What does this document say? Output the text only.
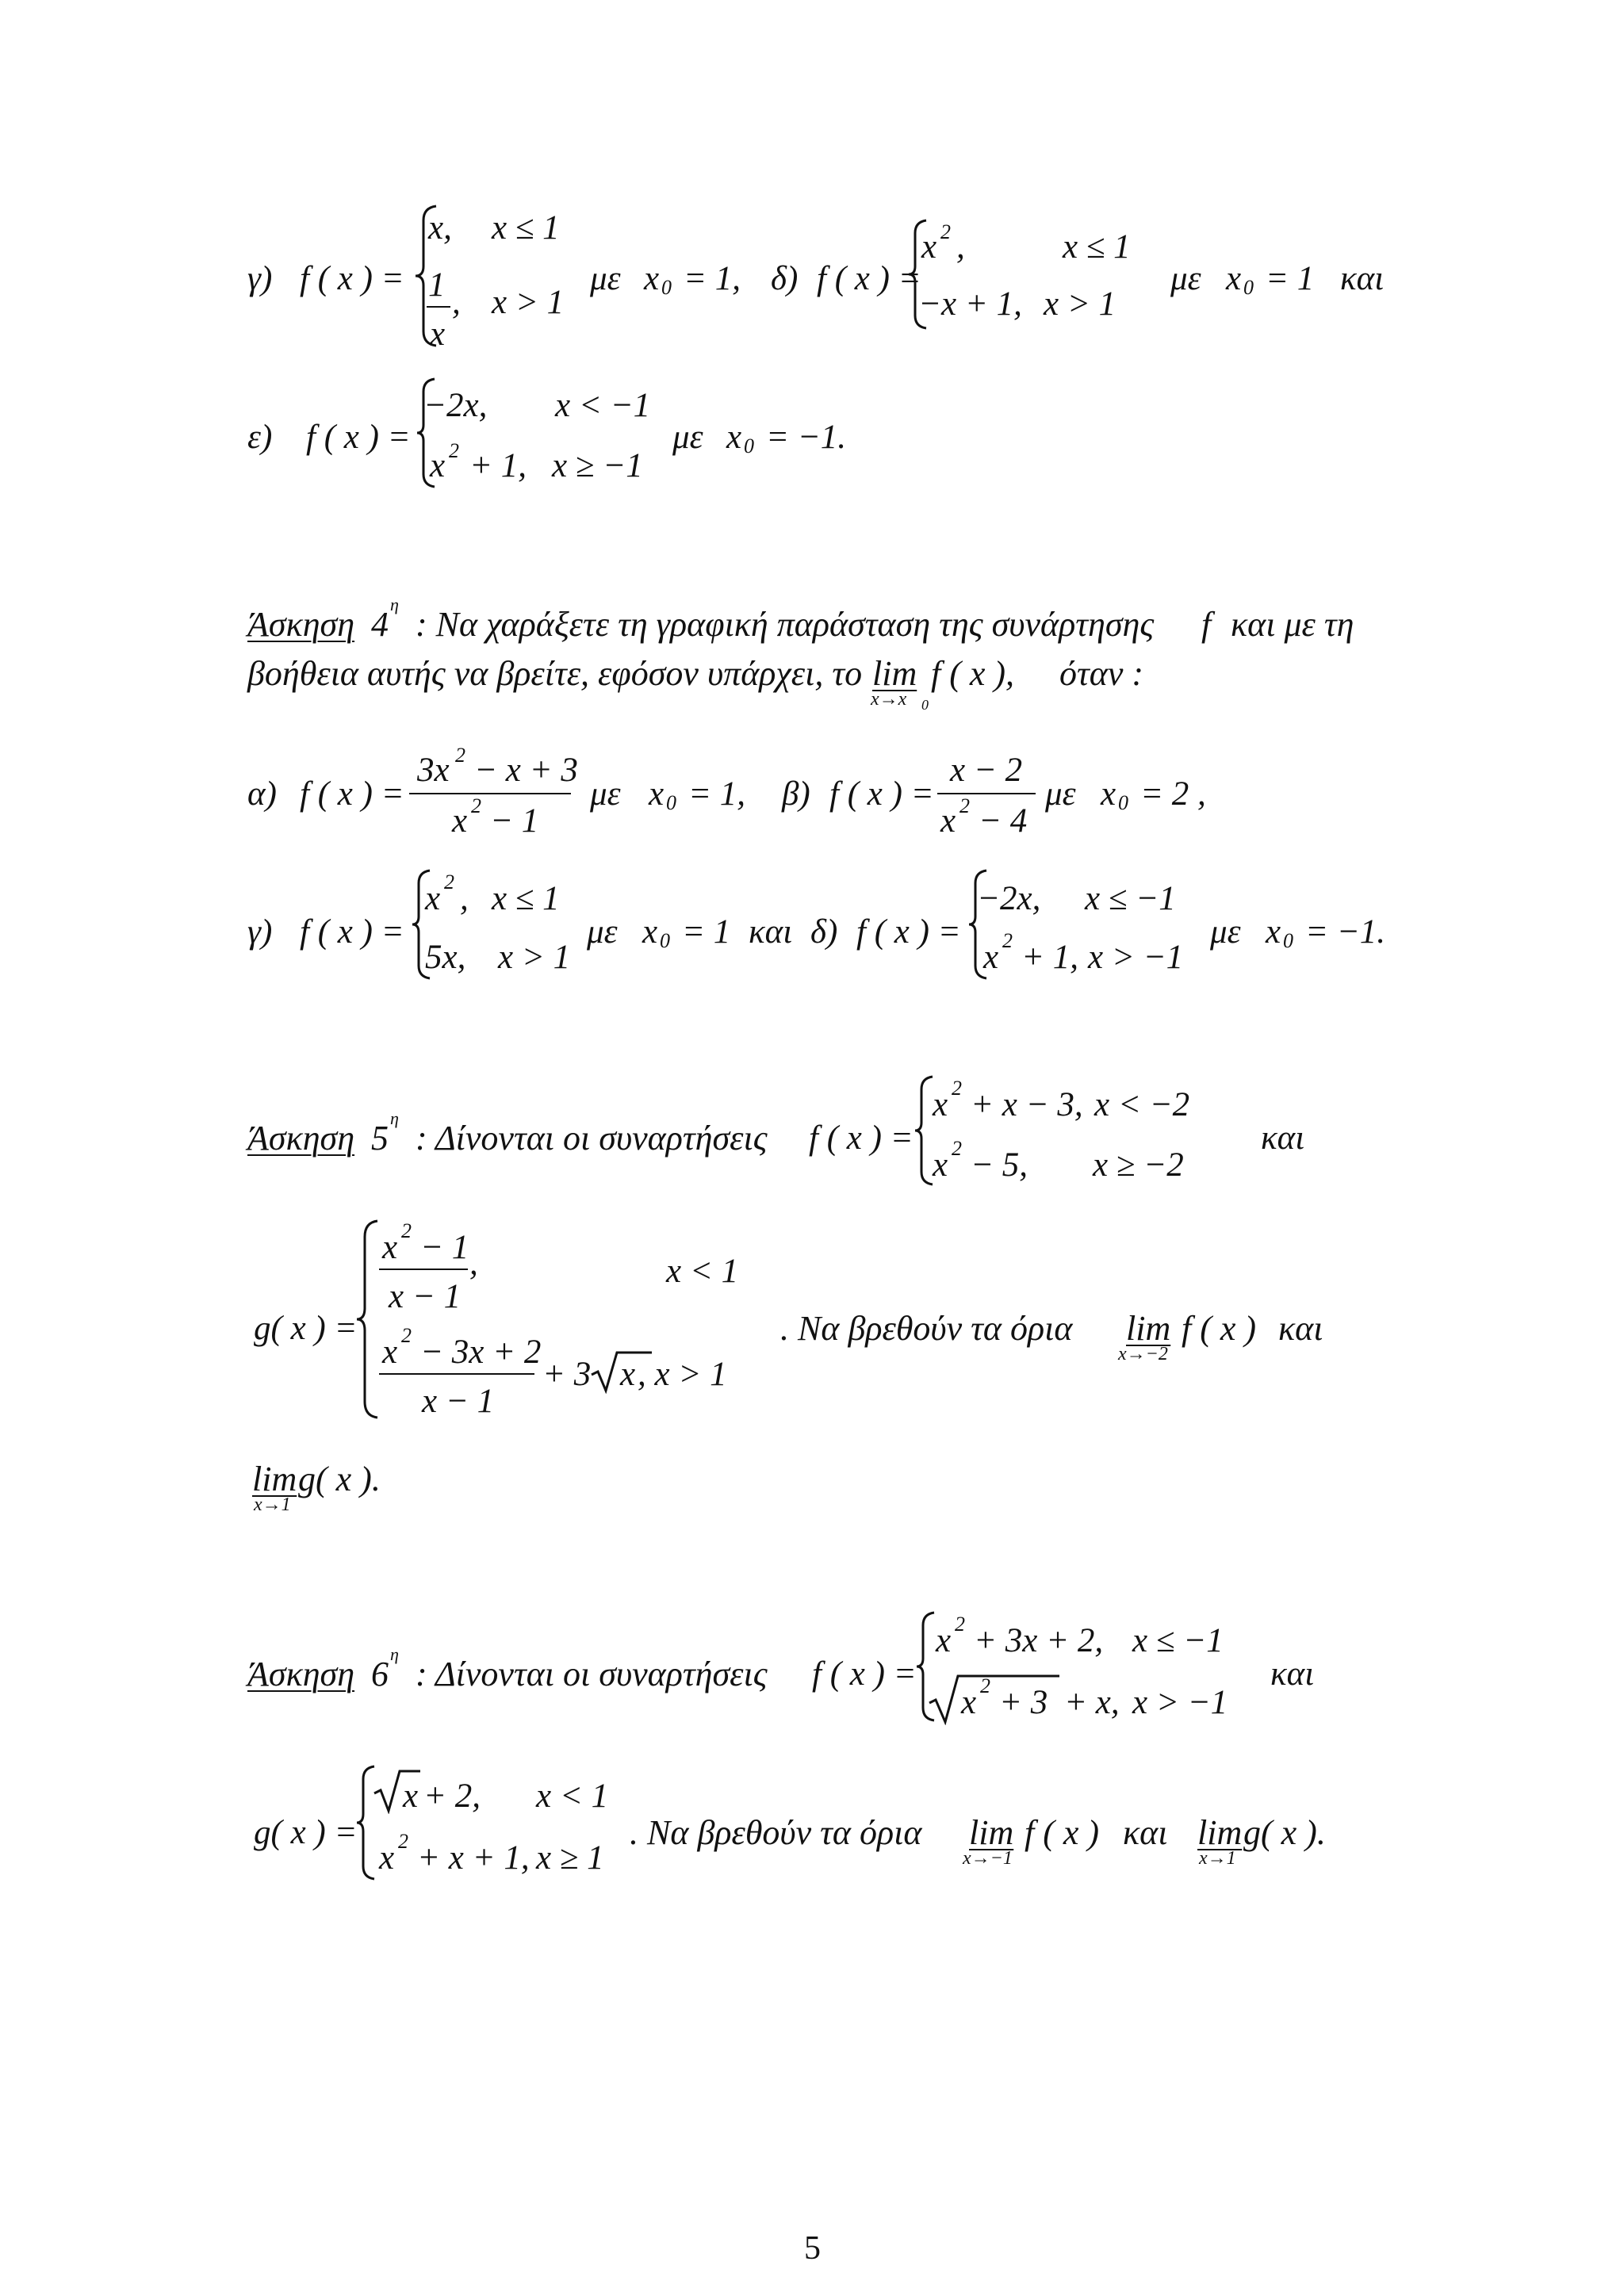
γ) f ( x ) =
x, x ≤ 1
1
x
, x > 1
με x 0 = 1, δ) f ( x ) =
x 2 ,	x ≤ 1
−x + 1, x > 1
με x 0 = 1 και
ε) f ( x ) =
−2x, x < −1
x 2 + 1, x ≥ −1
με x 0 = −1.
Άσκηση 4
η
: Να χαράξετε τη γραφική παράσταση της συνάρτησης f και με τη
βοήθεια αυτής να βρείτε, εφόσον υπάρχει, το lim
x→x 0
f ( x ), όταν :
α) f ( x ) =
3x 2 − x + 3
x 2 − 1
με x 0 = 1, β) f ( x ) =
x − 2
x 2 − 4
με x 0 = 2 ,
γ) f ( x ) =
x 2 , x ≤ 1
5x, x > 1
με x 0 = 1 και δ) f ( x ) =
−2x, x ≤ −1
x 2 + 1, x > −1
με x 0 = −1.
Άσκηση 5
η
: Δίνονται οι συναρτήσεις f ( x ) =
x 2 + x − 3, x < −2
x 2 − 5, x ≥ −2
και
g( x ) =
x 2 − 1
x − 1
,	x < 1
x 2 − 3x + 2
x − 1
+ 3 x , x > 1
. Να βρεθούν τα όρια lim
x→−2
f ( x ) και
lim g( x ).
x→1
Άσκηση 6
η
: Δίνονται οι συναρτήσεις f ( x ) =
x 2 + 3x + 2, x ≤ −1
x 2 + 3 + x, x > −1
και
g( x ) =
x + 2, x < 1
x 2 + x + 1, x ≥ 1
. Να βρεθούν τα όρια lim
x→−1
f ( x ) και lim g( x ).
x→1
5
